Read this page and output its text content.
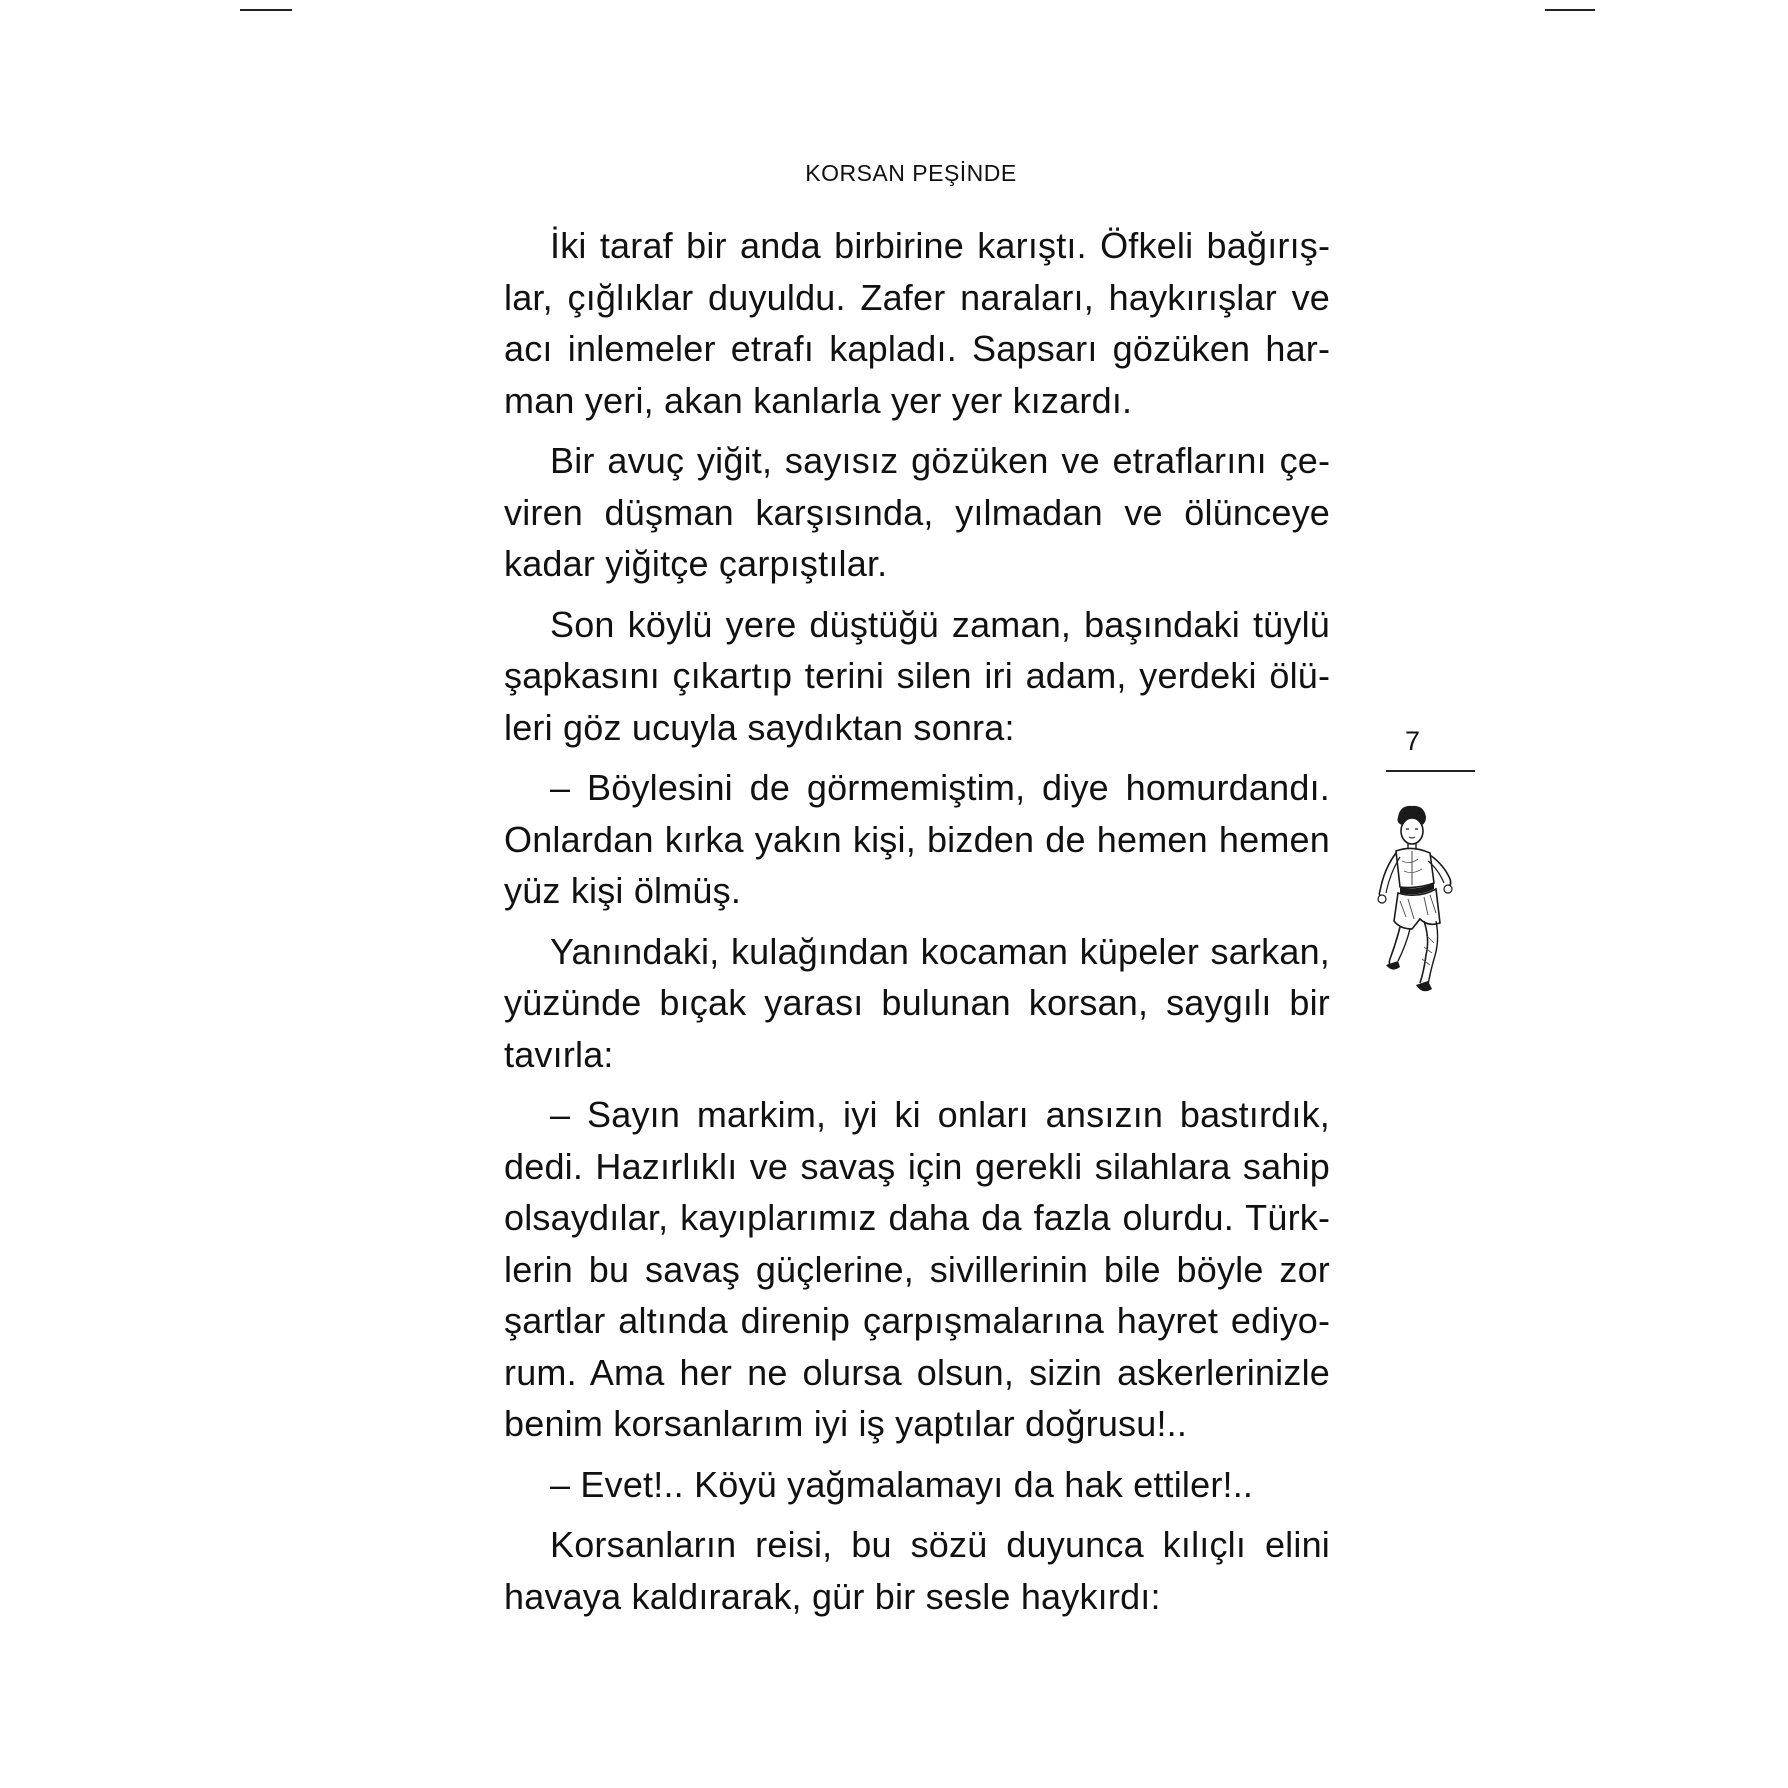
KORSAN PEŞİNDE

İki taraf bir anda birbirine karıştı. Öfkeli bağırışlar, çığlıklar duyuldu. Zafer naraları, haykırışlar ve acı inlemeler etrafı kapladı. Sapsarı gözüken harman yeri, akan kanlarla yer yer kızardı.

Bir avuç yiğit, sayısız gözüken ve etraflarını çeviren düşman karşısında, yılmadan ve ölünceye kadar yiğitçe çarpıştılar.

Son köylü yere düştüğü zaman, başındaki tüylü şapkasını çıkartıp terini silen iri adam, yerdeki ölüleri göz ucuyla saydıktan sonra:

– Böylesini de görmemiştim, diye homurdandı. Onlardan kırka yakın kişi, bizden de hemen hemen yüz kişi ölmüş.

Yanındaki, kulağından kocaman küpeler sarkan, yüzünde bıçak yarası bulunan korsan, saygılı bir tavırla:

– Sayın markim, iyi ki onları ansızın bastırdık, dedi. Hazırlıklı ve savaş için gerekli silahlara sahip olsaydılar, kayıplarımız daha da fazla olurdu. Türklerin bu savaş güçlerine, sivillerinin bile böyle zor şartlar altında direnip çarpışmalarına hayret ediyorum. Ama her ne olursa olsun, sizin askerlerinizle benim korsanlarım iyi iş yaptılar doğrusu!..

– Evet!.. Köyü yağmalamayı da hak ettiler!..

Korsanların reisi, bu sözü duyunca kılıçlı elini havaya kaldırarak, gür bir sesle haykırdı:

7
